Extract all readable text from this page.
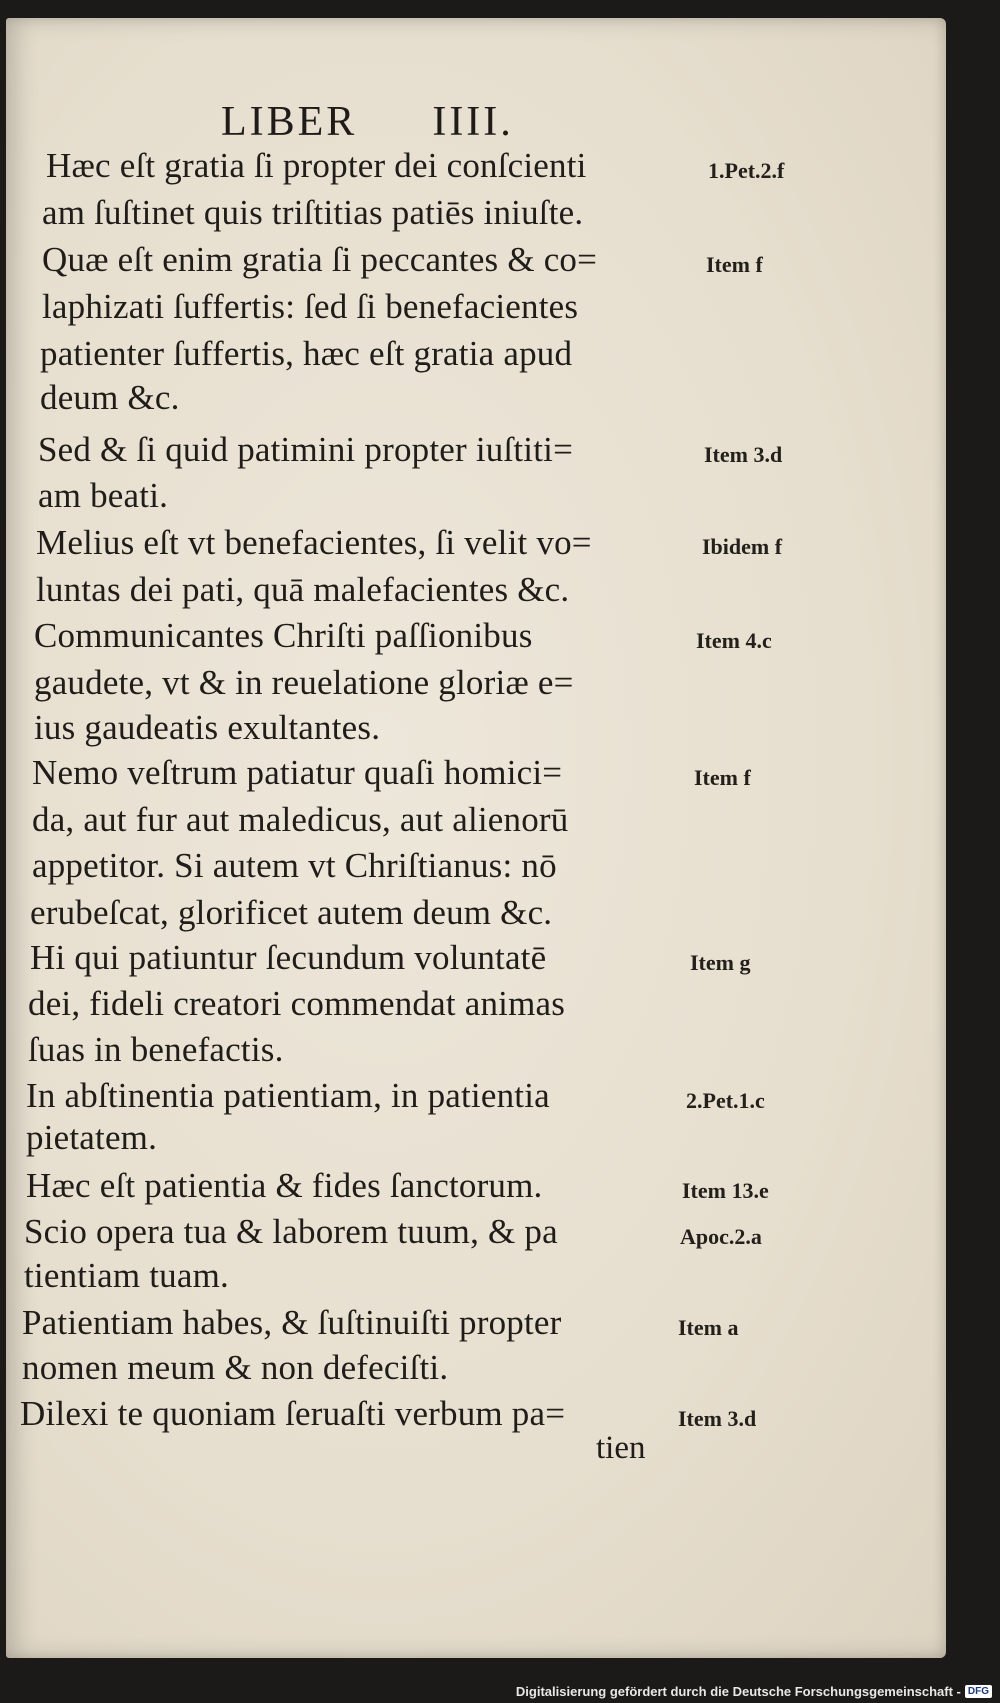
LIBER IIII.
Hæc eſt gratia ſi propter dei conſcienti
am ſuſtinet quis triſtitias patiēs iniuſte.
Quæ eſt enim gratia ſi peccantes & co=
laphizati ſuffertis: ſed ſi benefacientes
patienter ſuffertis, hæc eſt gratia apud
deum &c.
Sed & ſi quid patimini propter iuſtiti=
am beati.
Melius eſt vt benefacientes, ſi velit vo=
luntas dei pati, quā malefacientes &c.
Communicantes Chriſti paſſionibus
gaudete, vt & in reuelatione gloriæ e=
ius gaudeatis exultantes.
Nemo veſtrum patiatur quaſi homici=
da, aut fur aut maledicus, aut alienorū
appetitor. Si autem vt Chriſtianus: nō
erubeſcat, glorificet autem deum &c.
Hi qui patiuntur ſecundum voluntatē
dei, fideli creatori commendat animas
ſuas in benefactis.
In abſtinentia patientiam, in patientia
pietatem.
Hæc eſt patientia & fides ſanctorum.
Scio opera tua & laborem tuum, & pa
tientiam tuam.
Patientiam habes, & ſuſtinuiſti propter
nomen meum & non defeciſti.
Dilexi te quoniam ſeruaſti verbum pa=
1.Pet.2.f
Item f
Item 3.d
Ibidem f
Item 4.c
Item f
Item g
2.Pet.1.c
Item 13.e
Apoc.2.a
Item a
Item 3.d
tien
Digitalisierung gefördert durch die Deutsche Forschungsgemeinschaft - DFG
